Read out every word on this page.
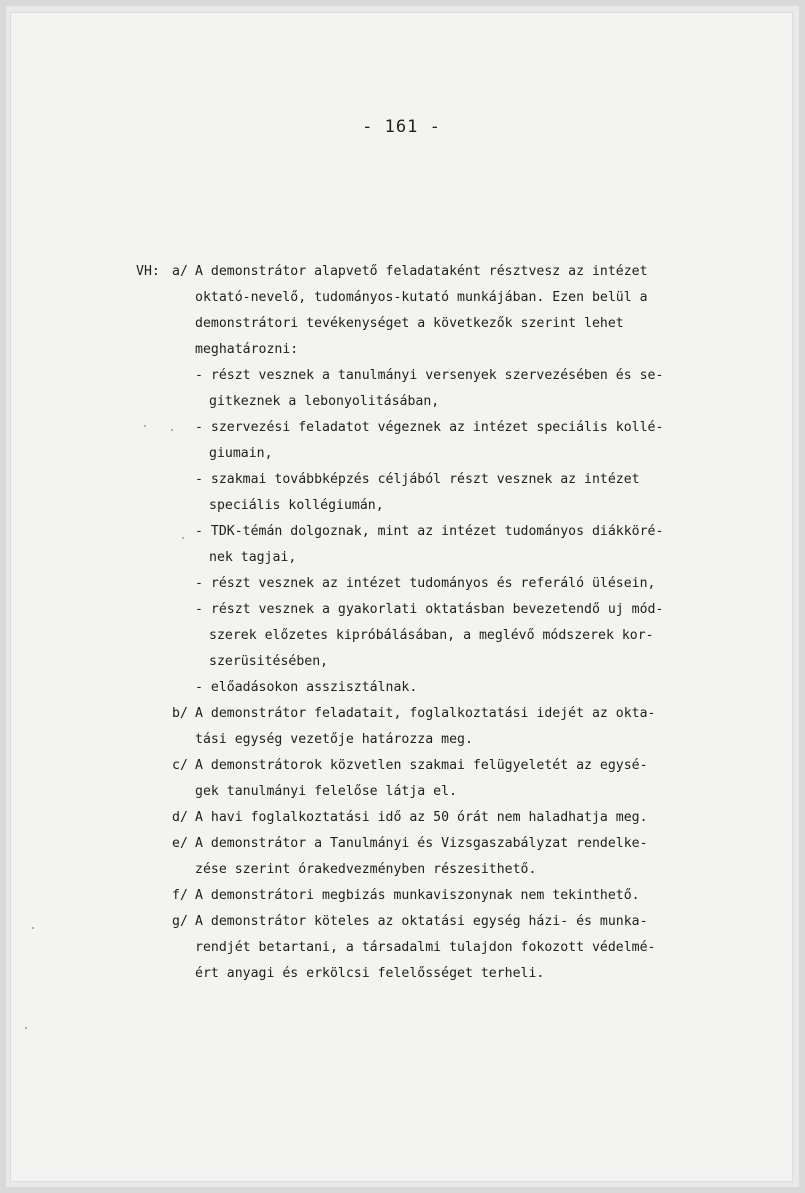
- 161 -
VH: a/ A demonstrátor alapvető feladataként résztvesz az intézet
oktató-nevelő, tudományos-kutató munkájában. Ezen belül a
demonstrátori tevékenységet a következők szerint lehet
meghatározni:
- részt vesznek a tanulmányi versenyek szervezésében és se-
gitkeznek a lebonyolitásában,
- szervezési feladatot végeznek az intézet speciális kollé-
giumain,
- szakmai továbbképzés céljából részt vesznek az intézet
speciális kollégiumán,
- TDK-témán dolgoznak, mint az intézet tudományos diákköré-
nek tagjai,
- részt vesznek az intézet tudományos és referáló ülésein,
- részt vesznek a gyakorlati oktatásban bevezetendő uj mód-
szerek előzetes kipróbálásában, a meglévő módszerek kor-
szerüsitésében,
- előadásokon asszisztálnak.
b/ A demonstrátor feladatait, foglalkoztatási idejét az okta-
tási egység vezetője határozza meg.
c/ A demonstrátorok közvetlen szakmai felügyeletét az egysé-
gek tanulmányi felelőse látja el.
d/ A havi foglalkoztatási idő az 50 órát nem haladhatja meg.
e/ A demonstrátor a Tanulmányi és Vizsgaszabályzat rendelke-
zése szerint órakedvezményben részesithető.
f/ A demonstrátori megbizás munkaviszonynak nem tekinthető.
g/ A demonstrátor köteles az oktatási egység házi- és munka-
rendjét betartani, a társadalmi tulajdon fokozott védelmé-
ért anyagi és erkölcsi felelősséget terheli.
